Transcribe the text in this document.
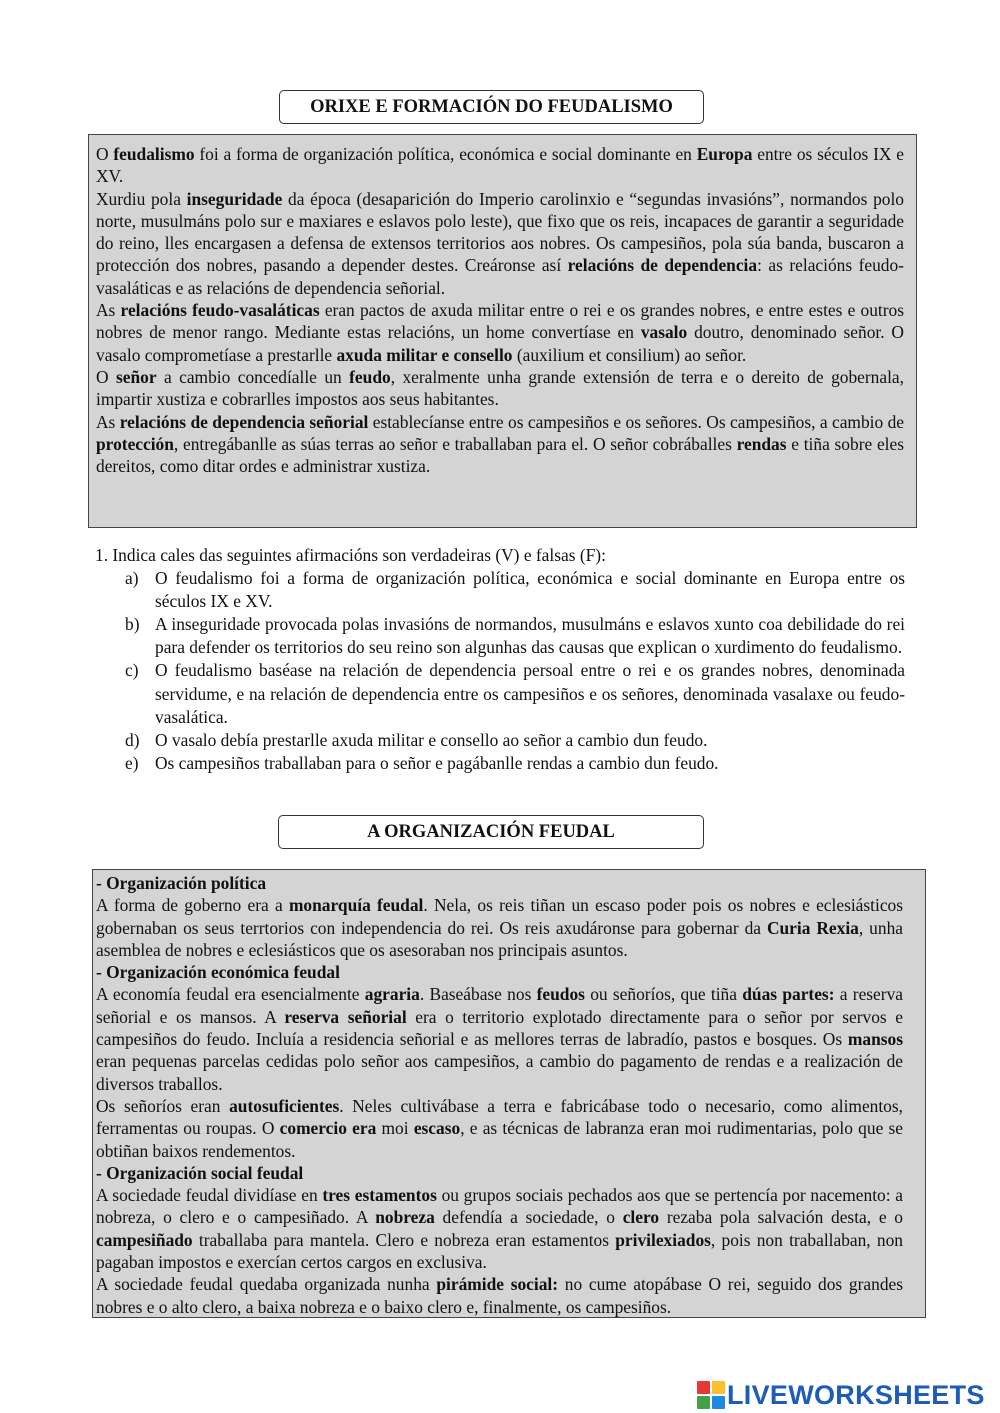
ORIXE E FORMACIÓN DO FEUDALISMO

O feudalismo foi a forma de organización política, económica e social dominante en Europa entre os séculos IX e XV.

Xurdiu pola inseguridade da época (desaparición do Imperio carolinxio e “segundas invasións”, normandos polo norte, musulmáns polo sur e maxiares e eslavos polo leste), que fixo que os reis, incapaces de garantir a seguridade do reino, lles encargasen a defensa de extensos territorios aos nobres. Os campesiños, pola súa banda, buscaron a protección dos nobres, pasando a depender destes. Creáronse así relacións de dependencia: as relacións feudo-vasaláticas e as relacións de dependencia señorial.

As relacións feudo-vasaláticas eran pactos de axuda militar entre o rei e os grandes nobres, e entre estes e outros nobres de menor rango. Mediante estas relacións, un home convertíase en vasalo doutro, denominado señor. O vasalo comprometíase a prestarlle axuda militar e consello (auxilium et consilium) ao señor.

O señor a cambio concedíalle un feudo, xeralmente unha grande extensión de terra e o dereito de gobernala, impartir xustiza e cobrarlles impostos aos seus habitantes.

As relacións de dependencia señorial establecíanse entre os campesiños e os señores. Os campesiños, a cambio de protección, entregábanlle as súas terras ao señor e traballaban para el. O señor cobráballes rendas e tiña sobre eles dereitos, como ditar ordes e administrar xustiza.

1. Indica cales das seguintes afirmacións son verdadeiras (V) e falsas (F):

a) O feudalismo foi a forma de organización política, económica e social dominante en Europa entre os séculos IX e XV.
b) A inseguridade provocada polas invasións de normandos, musulmáns e eslavos xunto coa debilidade do rei para defender os territorios do seu reino son algunhas das causas que explican o xurdimento do feudalismo.
c) O feudalismo baséase na relación de dependencia persoal entre o rei e os grandes nobres, denominada servidume, e na relación de dependencia entre os campesiños e os señores, denominada vasalaxe ou feudo-vasalática.
d) O vasalo debía prestarlle axuda militar e consello ao señor a cambio dun feudo.
e) Os campesiños traballaban para o señor e pagábanlle rendas a cambio dun feudo.
A ORGANIZACIÓN FEUDAL

- Organización política

A forma de goberno era a monarquía feudal. Nela, os reis tiñan un escaso poder pois os nobres e eclesiásticos gobernaban os seus terrtorios con independencia do rei. Os reis axudáronse para gobernar da Curia Rexia, unha asemblea de nobres e eclesiásticos que os asesoraban nos principais asuntos.

- Organización económica feudal

A economía feudal era esencialmente agraria. Baseábase nos feudos ou señoríos, que tiña dúas partes: a reserva señorial e os mansos. A reserva señorial era o territorio explotado directamente para o señor por servos e campesiños do feudo. Incluía a residencia señorial e as mellores terras de labradío, pastos e bosques. Os mansos eran pequenas parcelas cedidas polo señor aos campesiños, a cambio do pagamento de rendas e a realización de diversos traballos.

Os señoríos eran autosuficientes. Neles cultivábase a terra e fabricábase todo o necesario, como alimentos, ferramentas ou roupas. O comercio era moi escaso, e as técnicas de labranza eran moi rudimentarias, polo que se obtiñan baixos rendementos.

- Organización social feudal

A sociedade feudal dividíase en tres estamentos ou grupos sociais pechados aos que se pertencía por nacemento: a nobreza, o clero e o campesiñado. A nobreza defendía a sociedade, o clero rezaba pola salvación desta, e o campesiñado traballaba para mantela. Clero e nobreza eran estamentos privilexiados, pois non traballaban, non pagaban impostos e exercían certos cargos en exclusiva.

A sociedade feudal quedaba organizada nunha pirámide social: no cume atopábase O rei, seguido dos grandes nobres e o alto clero, a baixa nobreza e o baixo clero e, finalmente, os campesiños.

LIVEWORKSHEETS
